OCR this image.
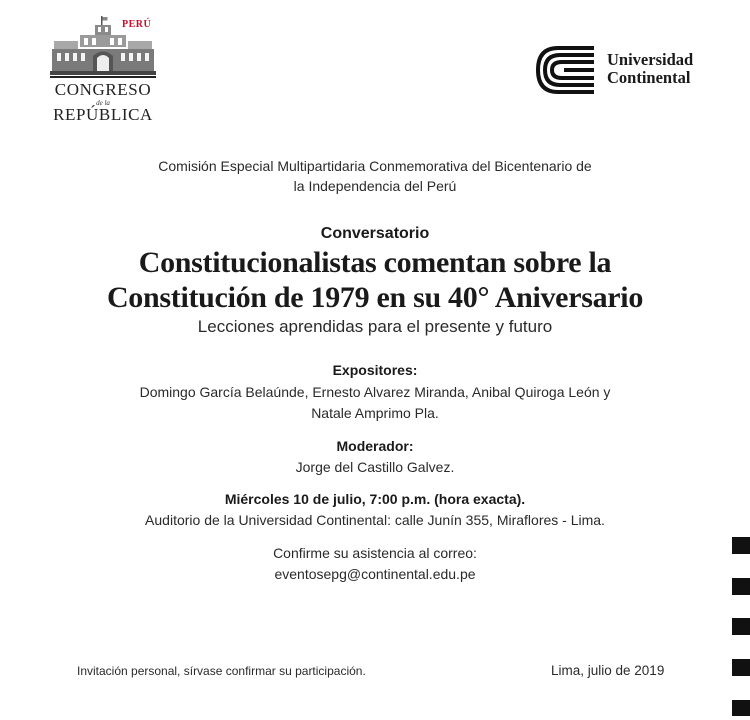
PERÚ
CONGRESO
de la
REPÚBLICA
Universidad
Continental
Comisión Especial Multipartidaria Conmemorativa del Bicentenario de
la Independencia del Perú
Conversatorio
Constitucionalistas comentan sobre la
Constitución de 1979 en su 40° Aniversario
Lecciones aprendidas para el presente y futuro
Expositores:
Domingo García Belaúnde, Ernesto Alvarez Miranda, Anibal Quiroga León y
Natale Amprimo Pla.
Moderador:
Jorge del Castillo Galvez.
Miércoles 10 de julio, 7:00 p.m. (hora exacta).
Auditorio de la Universidad Continental: calle Junín 355, Miraflores - Lima.
Confirme su asistencia al correo:
eventosepg@continental.edu.pe
Invitación personal, sírvase confirmar su participación.	Lima, julio de 2019
